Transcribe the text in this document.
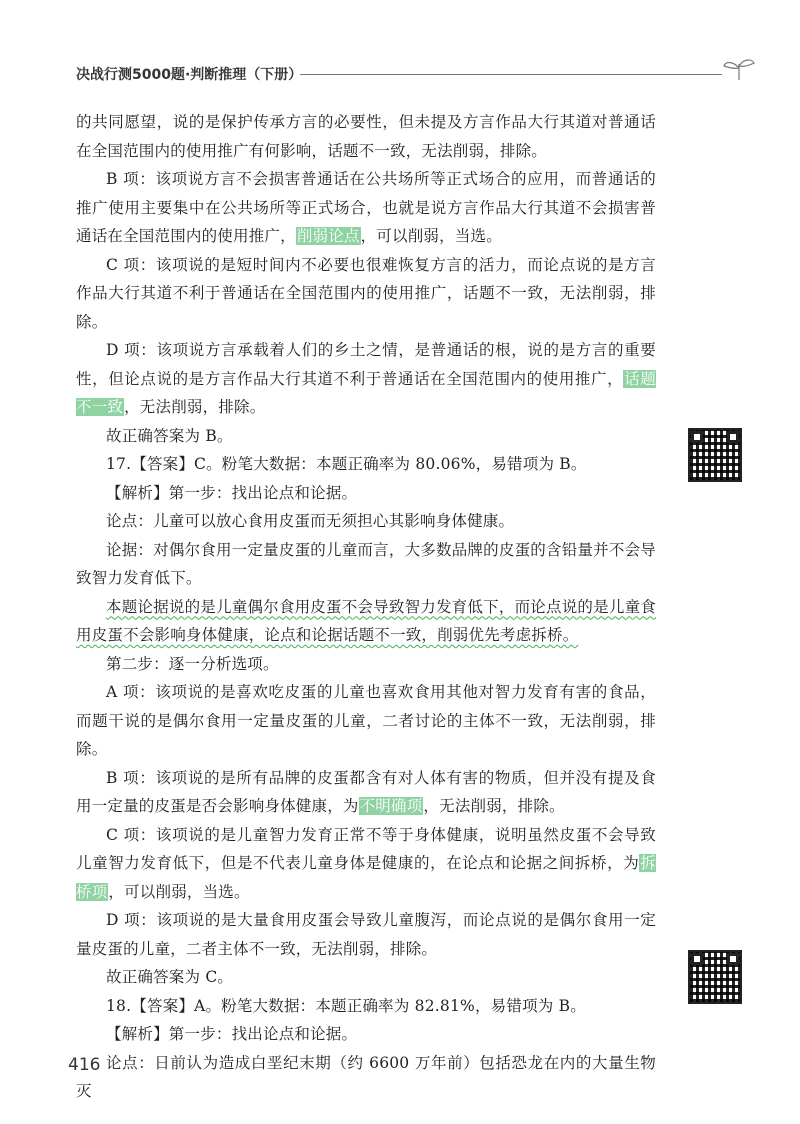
决战行测5000题·判断推理（下册）

的共同愿望，说的是保护传承方言的必要性，但未提及方言作品大行其道对普通话在全国范围内的使用推广有何影响，话题不一致，无法削弱，排除。

B 项：该项说方言不会损害普通话在公共场所等正式场合的应用，而普通话的推广使用主要集中在公共场所等正式场合，也就是说方言作品大行其道不会损害普通话在全国范围内的使用推广，削弱论点，可以削弱，当选。

C 项：该项说的是短时间内不必要也很难恢复方言的活力，而论点说的是方言作品大行其道不利于普通话在全国范围内的使用推广，话题不一致，无法削弱，排除。

D 项：该项说方言承载着人们的乡土之情，是普通话的根，说的是方言的重要性，但论点说的是方言作品大行其道不利于普通话在全国范围内的使用推广，话题不一致，无法削弱，排除。

故正确答案为 B。

17.【答案】C。粉笔大数据：本题正确率为 80.06%，易错项为 B。

【解析】第一步：找出论点和论据。

论点：儿童可以放心食用皮蛋而无须担心其影响身体健康。

论据：对偶尔食用一定量皮蛋的儿童而言，大多数品牌的皮蛋的含铅量并不会导致智力发育低下。

本题论据说的是儿童偶尔食用皮蛋不会导致智力发育低下，而论点说的是儿童食用皮蛋不会影响身体健康，论点和论据话题不一致，削弱优先考虑拆桥。

第二步：逐一分析选项。

A 项：该项说的是喜欢吃皮蛋的儿童也喜欢食用其他对智力发育有害的食品，而题干说的是偶尔食用一定量皮蛋的儿童，二者讨论的主体不一致，无法削弱，排除。

B 项：该项说的是所有品牌的皮蛋都含有对人体有害的物质，但并没有提及食用一定量的皮蛋是否会影响身体健康，为不明确项，无法削弱，排除。

C 项：该项说的是儿童智力发育正常不等于身体健康，说明虽然皮蛋不会导致儿童智力发育低下，但是不代表儿童身体是健康的，在论点和论据之间拆桥，为拆桥项，可以削弱，当选。

D 项：该项说的是大量食用皮蛋会导致儿童腹泻，而论点说的是偶尔食用一定量皮蛋的儿童，二者主体不一致，无法削弱，排除。

故正确答案为 C。

18.【答案】A。粉笔大数据：本题正确率为 82.81%，易错项为 B。

【解析】第一步：找出论点和论据。

论点：日前认为造成白垩纪末期（约 6600 万年前）包括恐龙在内的大量生物灭

416
